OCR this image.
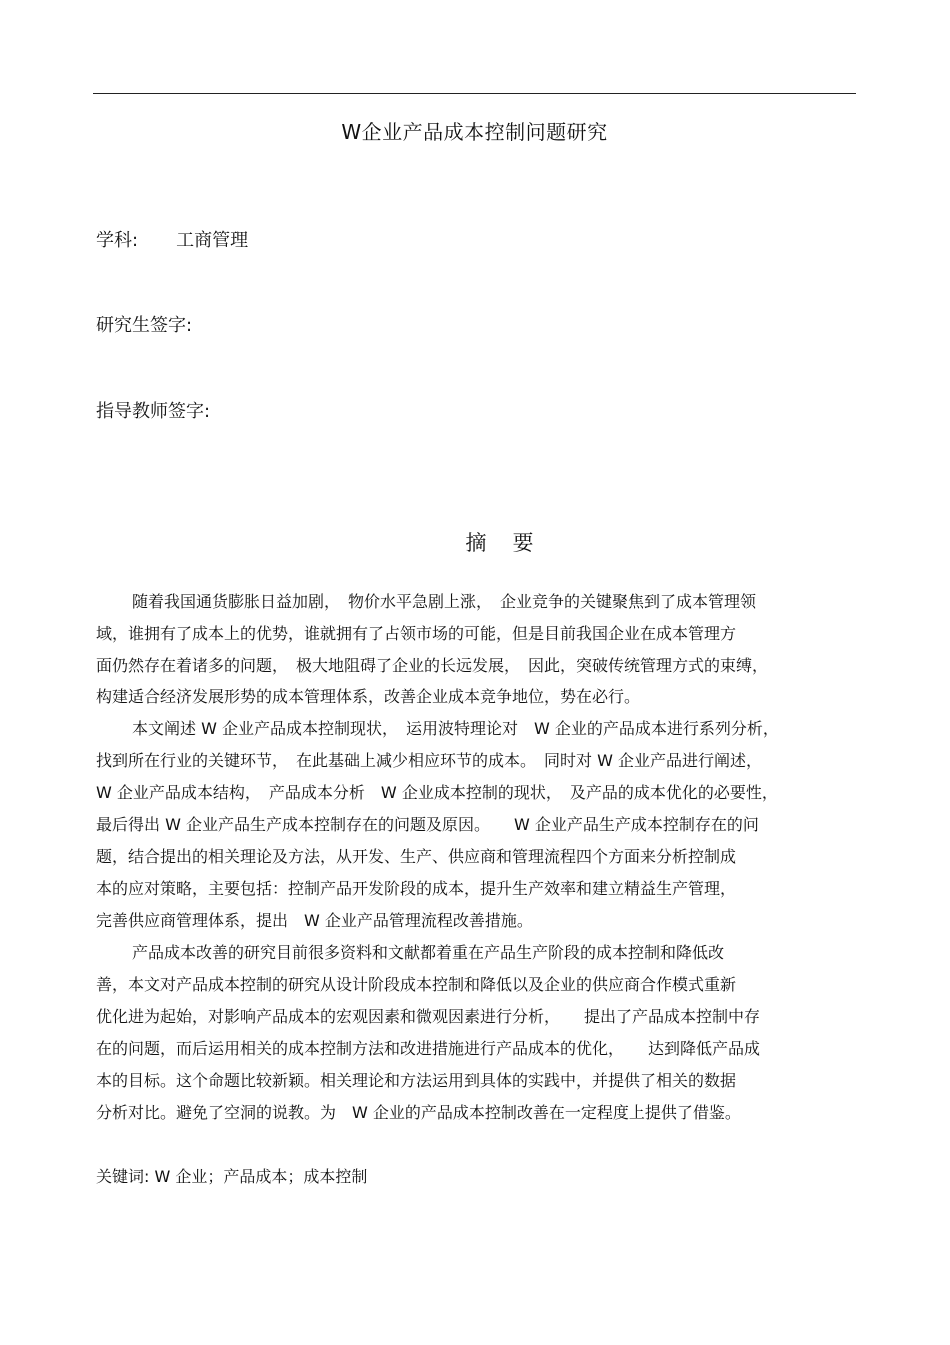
W企业产品成本控制问题研究
学科: 工商管理
研究生签字:
指导教师签字:
摘 要
随着我国通货膨胀日益加剧，　物价水平急剧上涨，　企业竞争的关键聚焦到了成本管理领
域，谁拥有了成本上的优势，谁就拥有了占领市场的可能，但是目前我国企业在成本管理方
面仍然存在着诸多的问题，　极大地阻碍了企业的长远发展，　因此，突破传统管理方式的束缚，
构建适合经济发展形势的成本管理体系，改善企业成本竞争地位，势在必行。
本文阐述 W 企业产品成本控制现状，　运用波特理论对　W 企业的产品成本进行系列分析，
找到所在行业的关键环节，　在此基础上减少相应环节的成本。　同时对 W 企业产品进行阐述，
W 企业产品成本结构，　产品成本分析　W 企业成本控制的现状，　及产品的成本优化的必要性，
最后得出 W 企业产品生产成本控制存在的问题及原因。　　W 企业产品生产成本控制存在的问
题，结合提出的相关理论及方法，从开发、生产、供应商和管理流程四个方面来分析控制成
本的应对策略，主要包括：控制产品开发阶段的成本，提升生产效率和建立精益生产管理，
完善供应商管理体系，提出　W 企业产品管理流程改善措施。
产品成本改善的研究目前很多资料和文献都着重在产品生产阶段的成本控制和降低改
善，本文对产品成本控制的研究从设计阶段成本控制和降低以及企业的供应商合作模式重新
优化进为起始，对影响产品成本的宏观因素和微观因素进行分析，　　提出了产品成本控制中存
在的问题，而后运用相关的成本控制方法和改进措施进行产品成本的优化，　　达到降低产品成
本的目标。这个命题比较新颖。相关理论和方法运用到具体的实践中，并提供了相关的数据
分析对比。避免了空洞的说教。为　W 企业的产品成本控制改善在一定程度上提供了借鉴。
关键词: W 企业；产品成本；成本控制
